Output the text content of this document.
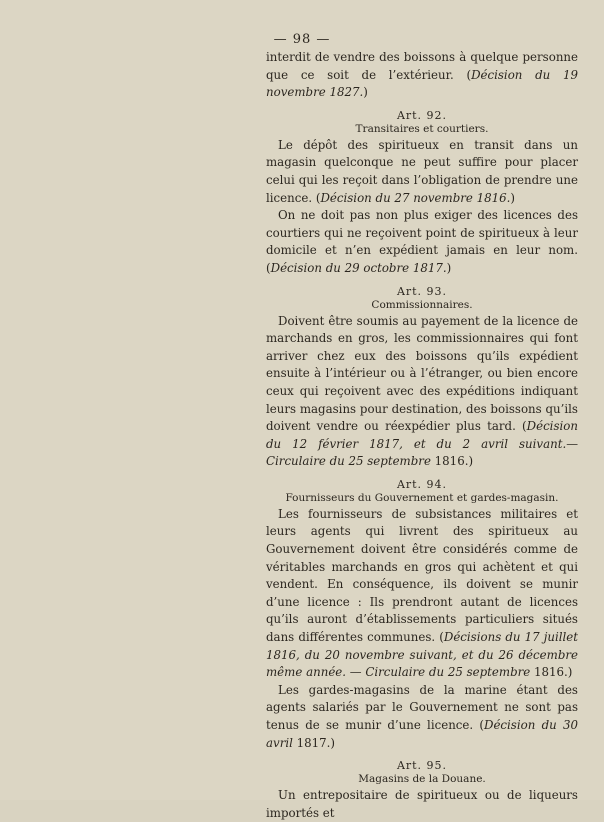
— 98 —

interdit de vendre des boissons à quelque personne que ce soit de l’extérieur. (Décision du 19 novembre 1827.)

Art. 92.
Transitaires et courtiers.

Le dépôt des spiritueux en transit dans un magasin quelconque ne peut suffire pour placer celui qui les reçoit dans l’obligation de prendre une licence. (Décision du 27 novembre 1816.)

On ne doit pas non plus exiger des licences des courtiers qui ne reçoivent point de spiritueux à leur domicile et n’en expédient jamais en leur nom. (Décision du 29 octobre 1817.)

Art. 93.
Commissionnaires.

Doivent être soumis au payement de la licence de marchands en gros, les commissionnaires qui font arriver chez eux des boissons qu’ils expédient ensuite à l’intérieur ou à l’étranger, ou bien encore ceux qui reçoivent avec des expéditions indiquant leurs magasins pour destination, des boissons qu’ils doivent vendre ou réexpédier plus tard. (Décision du 12 février 1817, et du 2 avril suivant.—Circulaire du 25 septembre 1816.)

Art. 94.
Fournisseurs du Gouvernement et gardes-magasin.

Les fournisseurs de subsistances militaires et leurs agents qui livrent des spiritueux au Gouvernement doivent être considérés comme de véritables marchands en gros qui achètent et qui vendent. En conséquence, ils doivent se munir d’une licence : Ils prendront autant de licences qu’ils auront d’établissements particuliers situés dans différentes communes. (Décisions du 17 juillet 1816, du 20 novembre suivant, et du 26 décembre même année. — Circulaire du 25 septembre 1816.)

Les gardes-magasins de la marine étant des agents salariés par le Gouvernement ne sont pas tenus de se munir d’une licence. (Décision du 30 avril 1817.)

Art. 95.
Magasins de la Douane.

Un entrepositaire de spiritueux ou de liqueurs importés et
